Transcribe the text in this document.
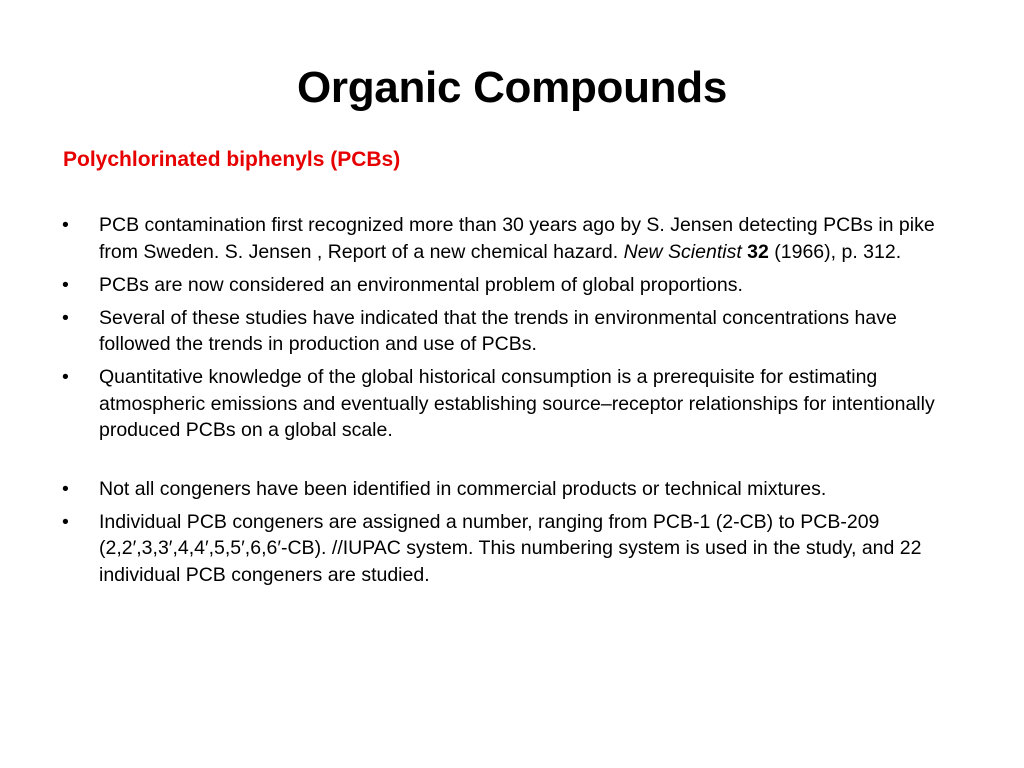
Organic Compounds
Polychlorinated biphenyls (PCBs)
• PCB contamination first recognized more than 30 years ago by S. Jensen detecting PCBs in pike from Sweden. S. Jensen , Report of a new chemical hazard. New Scientist 32 (1966), p. 312.
• PCBs are now considered an environmental problem of global proportions.
• Several of these studies have indicated that the trends in environmental concentrations have followed the trends in production and use of PCBs.
• Quantitative knowledge of the global historical consumption is a prerequisite for estimating atmospheric emissions and eventually establishing source–receptor relationships for intentionally produced PCBs on a global scale.
• Not all congeners have been identified in commercial products or technical mixtures.
• Individual PCB congeners are assigned a number, ranging from PCB-1 (2-CB) to PCB-209 (2,2′,3,3′,4,4′,5,5′,6,6′-CB). //IUPAC system. This numbering system is used in the study, and 22 individual PCB congeners are studied.
